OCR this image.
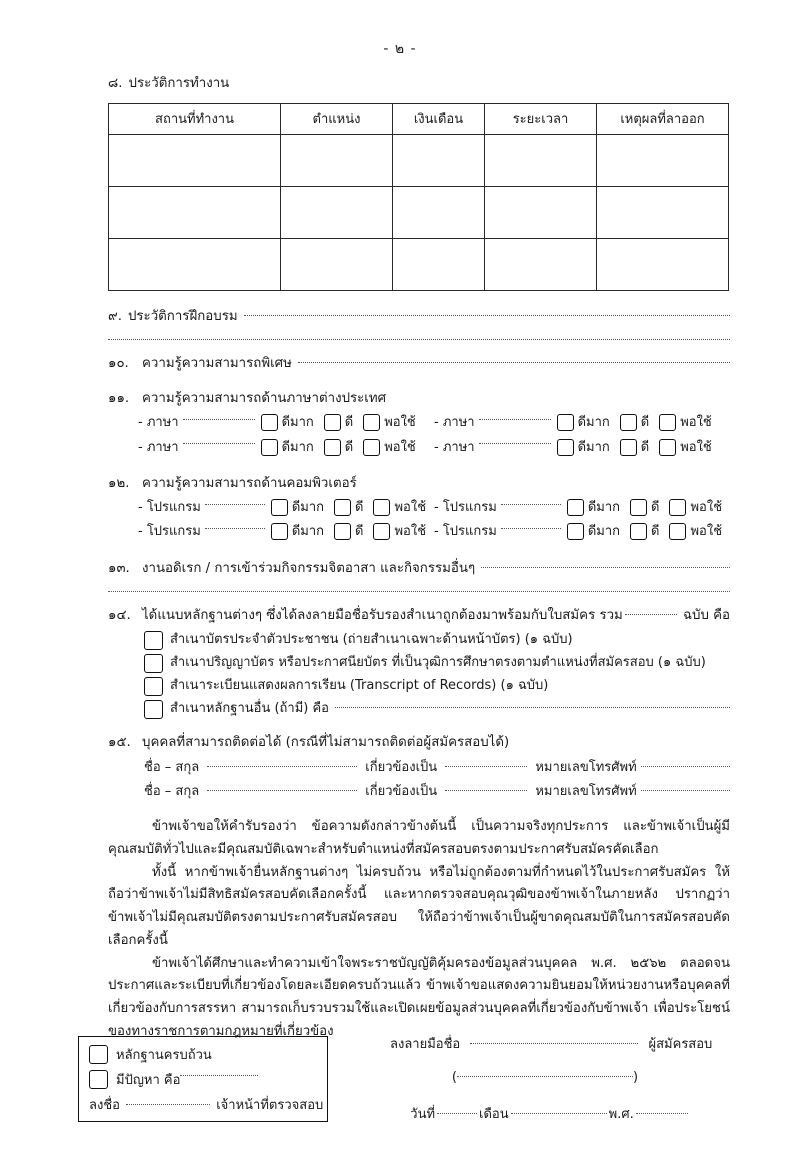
- ๒ -
๘. ประวัติการทำงาน
สถานที่ทำงาน	ตำแหน่ง	เงินเดือน	ระยะเวลา	เหตุผลที่ลาออก

๙. ประวัติการฝึกอบรม
๑๐. ความรู้ความสามารถพิเศษ
๑๑. ความรู้ความสามารถด้านภาษาต่างประเทศ
- ภาษา	ดีมาก	ดี	พอใช้ - ภาษา	ดีมาก	ดี	พอใช้
- ภาษา	ดีมาก	ดี	พอใช้ - ภาษา	ดีมาก	ดี	พอใช้
๑๒. ความรู้ความสามารถด้านคอมพิวเตอร์
- โปรแกรม	ดีมาก	ดี	พอใช้ - โปรแกรม	ดีมาก	ดี	พอใช้
- โปรแกรม	ดีมาก	ดี	พอใช้ - โปรแกรม	ดีมาก	ดี	พอใช้
๑๓. งานอดิเรก / การเข้าร่วมกิจกรรมจิตอาสา และกิจกรรมอื่นๆ
๑๔. ได้แนบหลักฐานต่างๆ ซึ่งได้ลงลายมือชื่อรับรองสำเนาถูกต้องมาพร้อมกับใบสมัคร รวม	ฉบับ คือ
สำเนาบัตรประจำตัวประชาชน (ถ่ายสำเนาเฉพาะด้านหน้าบัตร) (๑ ฉบับ)
สำเนาปริญญาบัตร หรือประกาศนียบัตร ที่เป็นวุฒิการศึกษาตรงตามตำแหน่งที่สมัครสอบ (๑ ฉบับ)
สำเนาระเบียนแสดงผลการเรียน (Transcript of Records) (๑ ฉบับ)
สำเนาหลักฐานอื่น (ถ้ามี) คือ
๑๕. บุคคลที่สามารถติดต่อได้ (กรณีที่ไม่สามารถติดต่อผู้สมัครสอบได้)
ชื่อ – สกุล	เกี่ยวข้องเป็น	หมายเลขโทรศัพท์
ชื่อ – สกุล	เกี่ยวข้องเป็น	หมายเลขโทรศัพท์

ข้าพเจ้าขอให้คำรับรองว่า ข้อความดังกล่าวข้างต้นนี้ เป็นความจริงทุกประการ และข้าพเจ้าเป็นผู้มีคุณสมบัติทั่วไปและมีคุณสมบัติเฉพาะสำหรับตำแหน่งที่สมัครสอบตรงตามประกาศรับสมัครคัดเลือก

ทั้งนี้ หากข้าพเจ้ายื่นหลักฐานต่างๆ ไม่ครบถ้วน หรือไม่ถูกต้องตามที่กำหนดไว้ในประกาศรับสมัคร ให้ถือว่าข้าพเจ้าไม่มีสิทธิสมัครสอบคัดเลือกครั้งนี้ และหากตรวจสอบคุณวุฒิของข้าพเจ้าในภายหลัง ปรากฏว่า ข้าพเจ้าไม่มีคุณสมบัติตรงตามประกาศรับสมัครสอบ ให้ถือว่าข้าพเจ้าเป็นผู้ขาดคุณสมบัติในการสมัครสอบคัดเลือกครั้งนี้

ข้าพเจ้าได้ศึกษาและทำความเข้าใจพระราชบัญญัติคุ้มครองข้อมูลส่วนบุคคล พ.ศ. ๒๕๖๒ ตลอดจนประกาศและระเบียบที่เกี่ยวข้องโดยละเอียดครบถ้วนแล้ว ข้าพเจ้าขอแสดงความยินยอมให้หน่วยงานหรือบุคคลที่เกี่ยวข้องกับการสรรหา สามารถเก็บรวบรวมใช้และเปิดเผยข้อมูลส่วนบุคคลที่เกี่ยวข้องกับข้าพเจ้า เพื่อประโยชน์ของทางราชการตามกฎหมายที่เกี่ยวข้อง

หลักฐานครบถ้วน
มีปัญหา คือ
ลงชื่อ	เจ้าหน้าที่ตรวจสอบ
ลงลายมือชื่อ	ผู้สมัครสอบ
(	)
วันที่	เดือน	พ.ศ.
